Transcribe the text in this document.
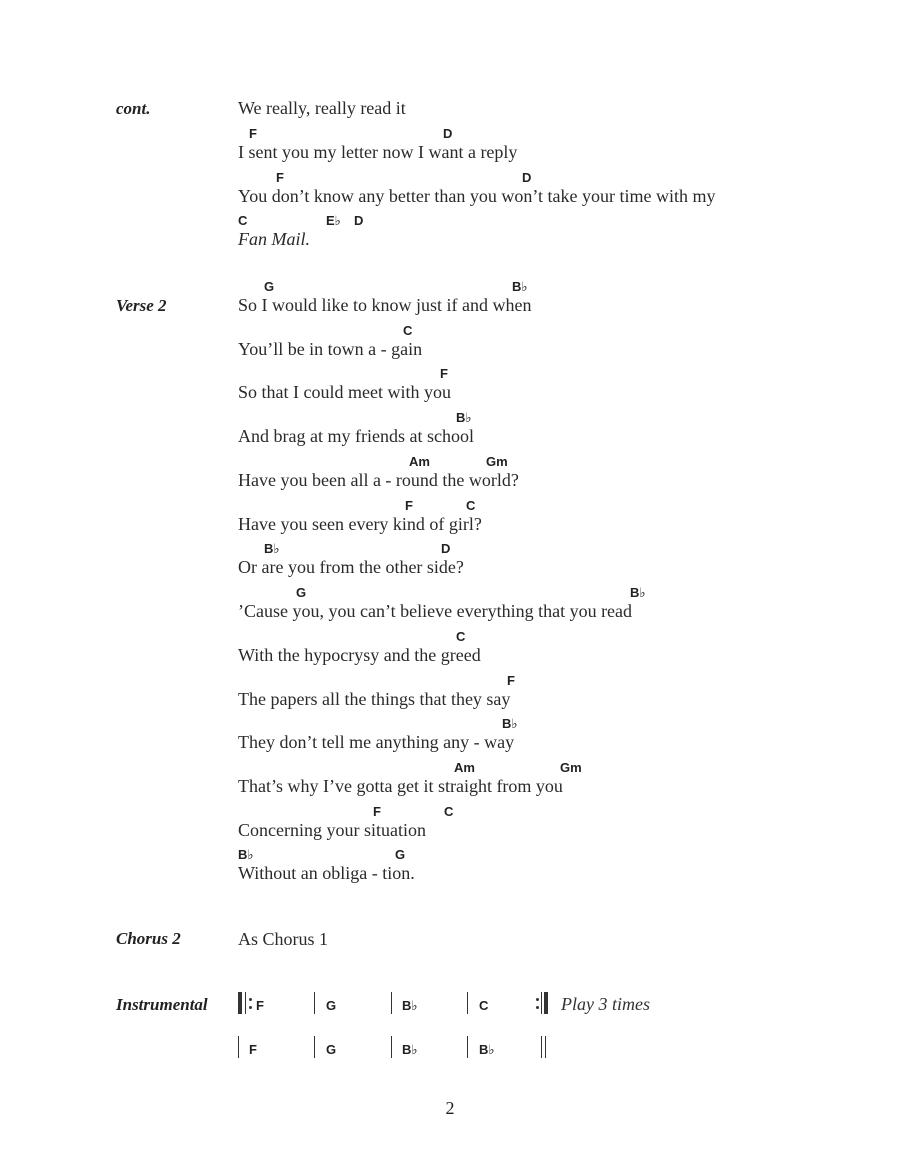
cont.
Verse 2
Chorus 2
Instrumental
We really, really read it
F	D
I sent you my letter now I want a reply
F	D
You don’t know any better than you won’t take your time with my
C	E♭ D
Fan Mail.
G	B♭
So I would like to know just if and when
C
You’ll be in town a - gain
F
So that I could meet with you
B♭
And brag at my friends at school
Am	Gm
Have you been all a - round the world?
F	C
Have you seen every kind of girl?
B♭	D
Or are you from the other side?
G	B♭
’Cause you, you can’t believe everything that you read
C
With the hypocrysy and the greed
F
The papers all the things that they say
B♭
They don’t tell me anything any - way
Am	Gm
That’s why I’ve gotta get it straight from you
F	C
Concerning your situation
B♭	G
Without an obliga - tion.
As Chorus 1
F	G	B♭	C	Play 3 times
F	G	B♭	B♭
2
